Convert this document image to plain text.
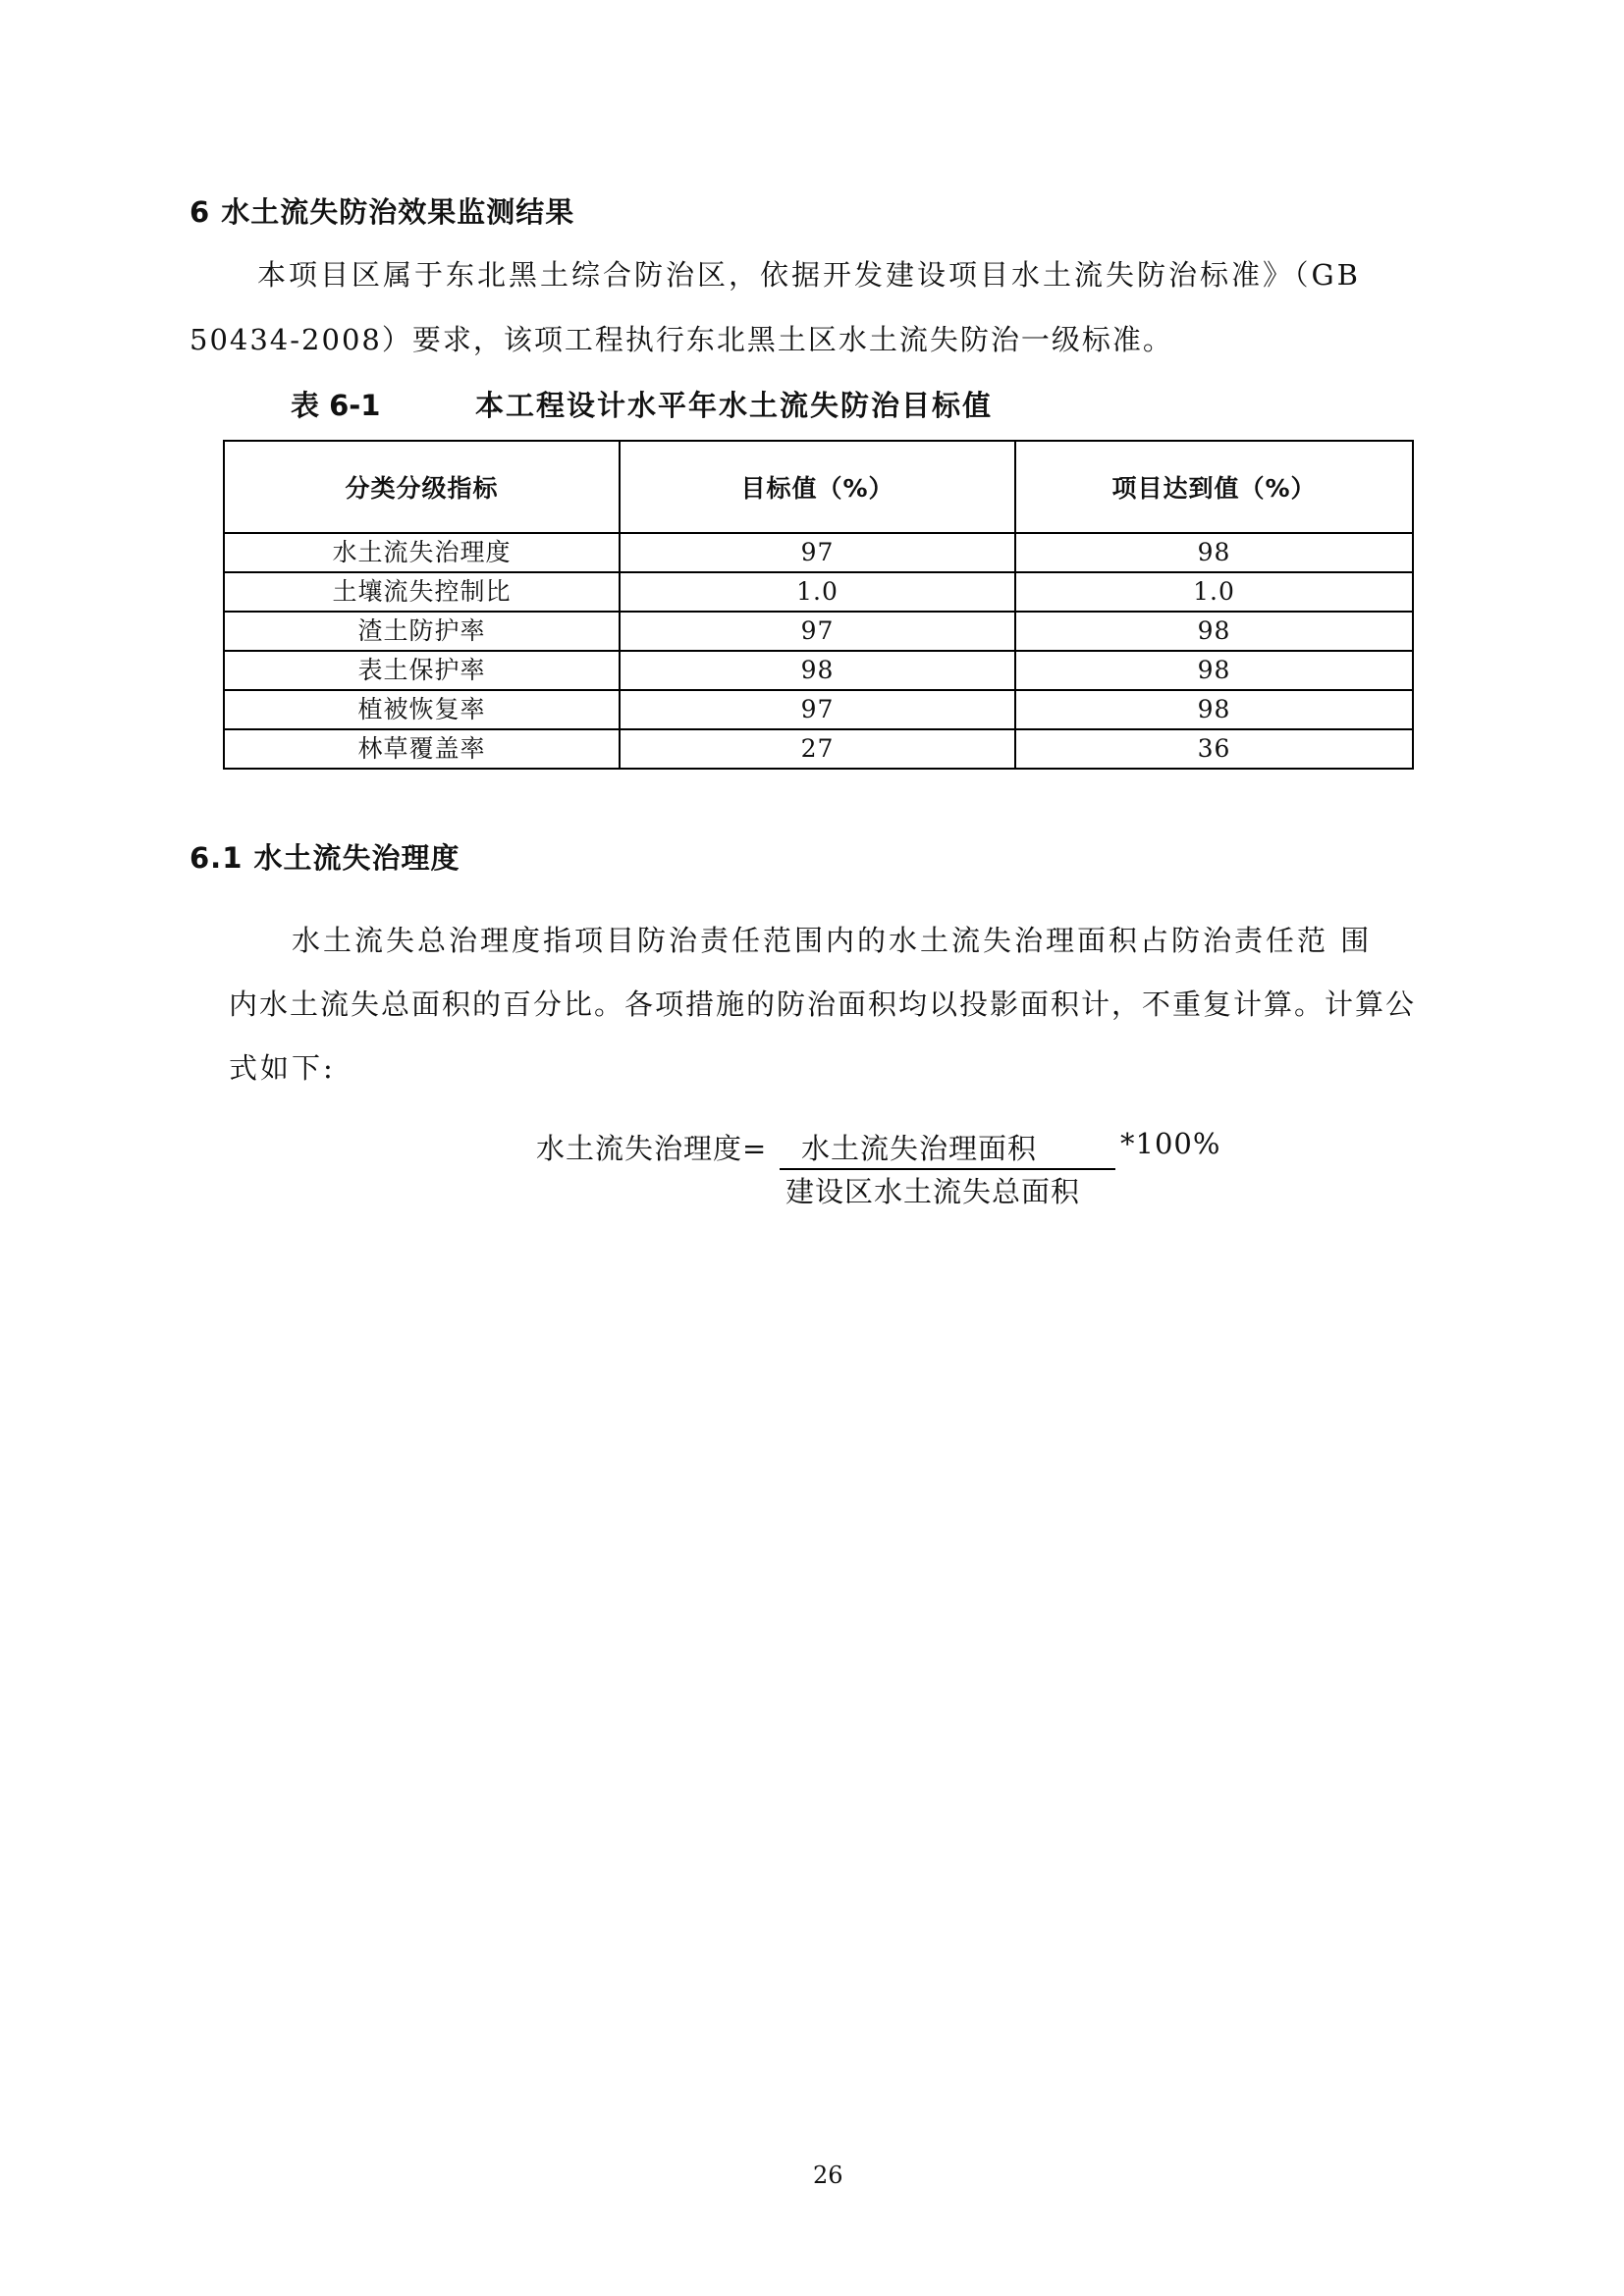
6 水土流失防治效果监测结果
本项目区属于东北黑土综合防治区，依据开发建设项目水土流失防治标准》（GB
50434-2008）要求，该项工程执行东北黑土区水土流失防治一级标准。
表 6-1	本工程设计水平年水土流失防治目标值
分类分级指标	目标值（%）	项目达到值（%）
水土流失治理度	97	98
土壤流失控制比	1.0	1.0
渣土防护率	97	98
表土保护率	98	98
植被恢复率	97	98
林草覆盖率	27	36
6.1 水土流失治理度
水土流失总治理度指项目防治责任范围内的水土流失治理面积占防治责任范 围
内水土流失总面积的百分比。各项措施的防治面积均以投影面积计，不重复计算。计算公
式如下:
水土流失治理度= 水土流失治理面积
建设区水土流失总面积
*100%
26
